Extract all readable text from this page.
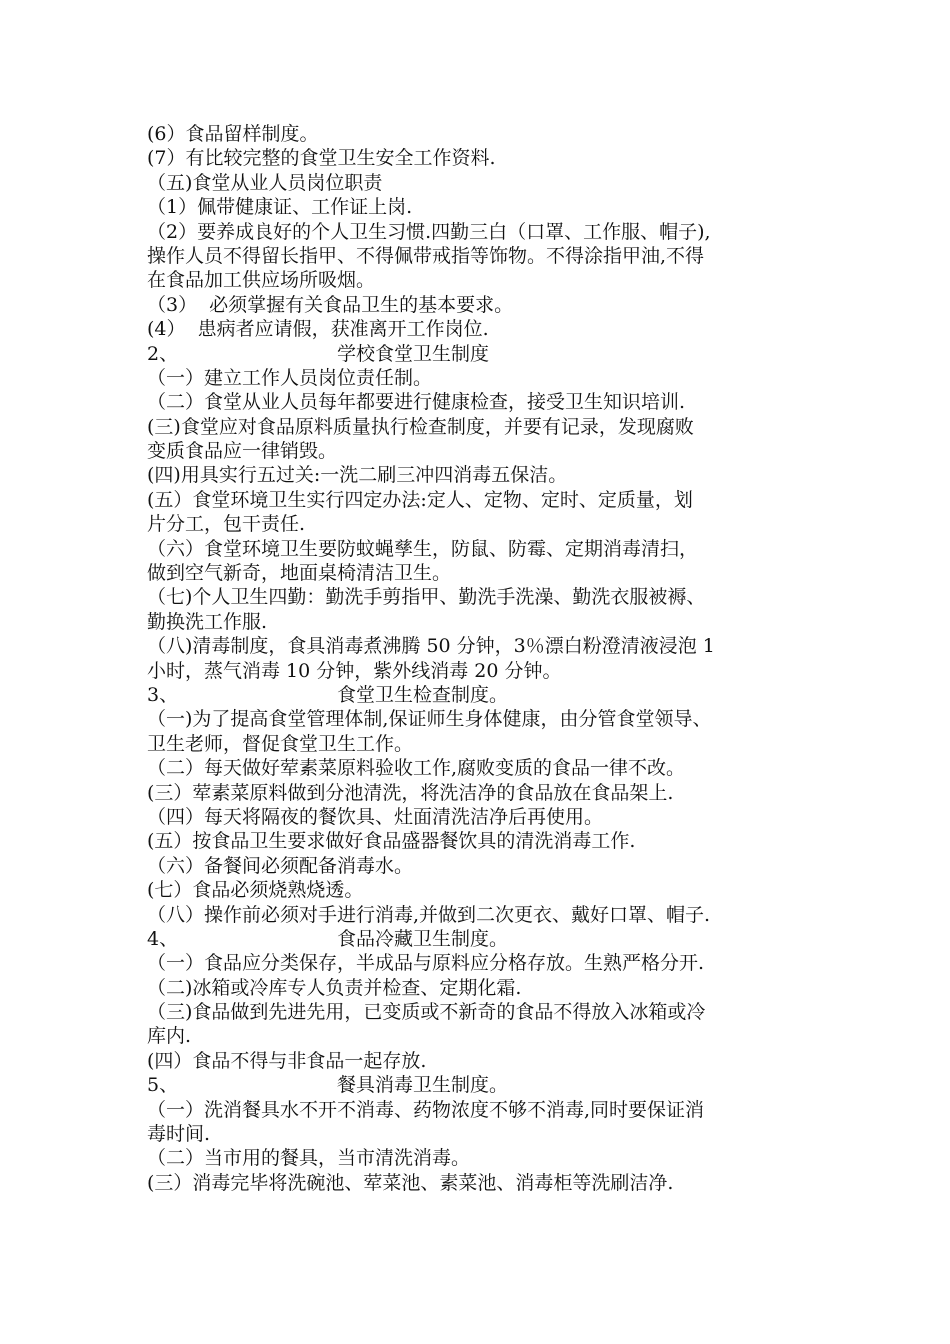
(6）食品留样制度。
(7）有比较完整的食堂卫生安全工作资料.
（五)食堂从业人员岗位职责
（1）佩带健康证、工作证上岗.
（2）要养成良好的个人卫生习惯.四勤三白（口罩、工作服、帽子),
操作人员不得留长指甲、不得佩带戒指等饰物。不得涂指甲油,不得
在食品加工供应场所吸烟。
（3）  必须掌握有关食品卫生的基本要求。
(4）  患病者应请假，获准离开工作岗位.
2、	学校食堂卫生制度
（一）建立工作人员岗位责任制。
（二）食堂从业人员每年都要进行健康检查，接受卫生知识培训.
(三)食堂应对食品原料质量执行检查制度，并要有记录，发现腐败
变质食品应一律销毁。
(四)用具实行五过关:一洗二刷三冲四消毒五保洁。
(五）食堂环境卫生实行四定办法:定人、定物、定时、定质量，划
片分工，包干责任.
（六）食堂环境卫生要防蚊蝇孳生，防鼠、防霉、定期消毒清扫，
做到空气新奇，地面桌椅清洁卫生。
（七)个人卫生四勤：勤洗手剪指甲、勤洗手洗澡、勤洗衣服被褥、
勤换洗工作服.
（八)清毒制度，食具消毒煮沸腾 50 分钟，3％漂白粉澄清液浸泡 1
小时，蒸气消毒 10 分钟，紫外线消毒 20 分钟。
3、	食堂卫生检查制度。
（一)为了提高食堂管理体制,保证师生身体健康，由分管食堂领导、
卫生老师，督促食堂卫生工作。
（二）每天做好荤素菜原料验收工作,腐败变质的食品一律不改。
(三）荤素菜原料做到分池清洗，将洗洁净的食品放在食品架上.
（四）每天将隔夜的餐饮具、灶面清洗洁净后再使用。
(五）按食品卫生要求做好食品盛器餐饮具的清洗消毒工作.
（六）备餐间必须配备消毒水。
(七）食品必须烧熟烧透。
（八）操作前必须对手进行消毒,并做到二次更衣、戴好口罩、帽子.
4、	食品冷藏卫生制度。
（一）食品应分类保存，半成品与原料应分格存放。生熟严格分开.
（二)冰箱或冷库专人负责并检查、定期化霜.
（三)食品做到先进先用，已变质或不新奇的食品不得放入冰箱或冷
库内.
(四）食品不得与非食品一起存放.
5、	餐具消毒卫生制度。
（一）洗消餐具水不开不消毒、药物浓度不够不消毒,同时要保证消
毒时间.
（二）当市用的餐具，当市清洗消毒。
(三）消毒完毕将洗碗池、荤菜池、素菜池、消毒柜等洗刷洁净.
